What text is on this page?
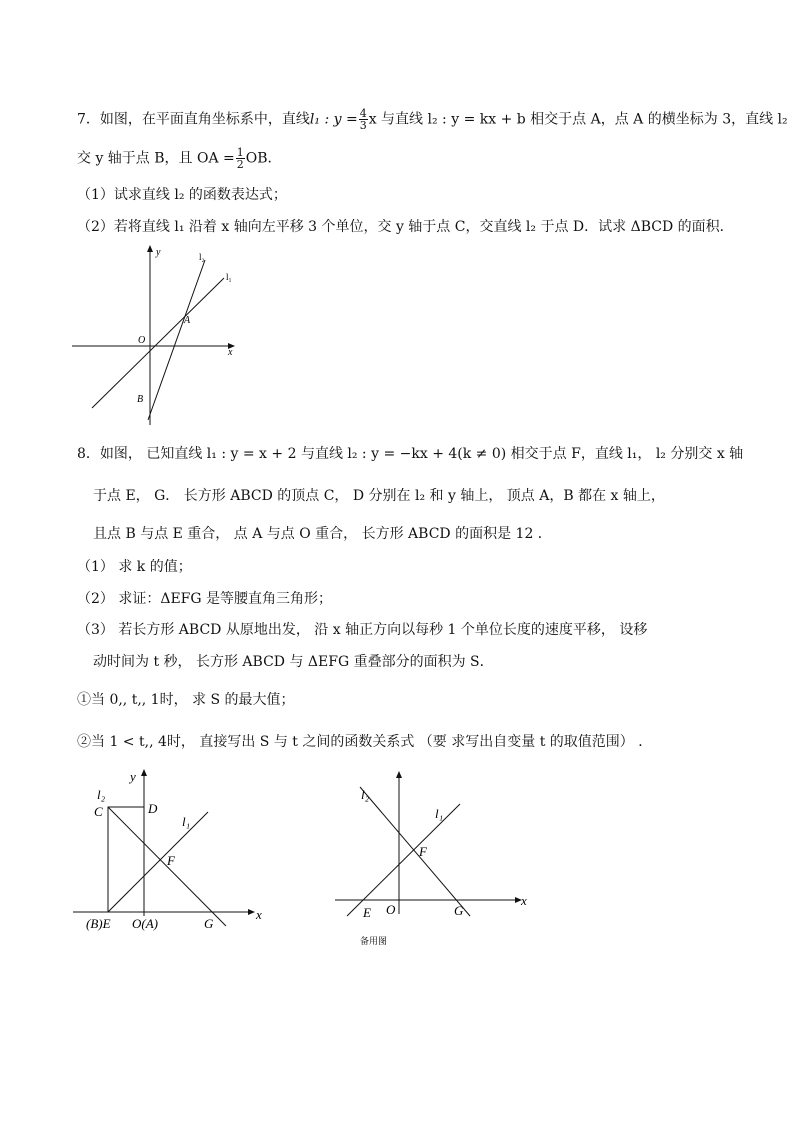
7．如图，在平面直角坐标系中，直线l₁ : $y = \frac{4}{3}$ x 与直线 l₂ : y = kx + b 相交于点 A，点 A 的横坐标为 3，直线 l₂
交 y 轴于点 B，且 OA = $\frac{1}{2}$ OB．
（1）试求直线 l₂ 的函数表达式；
（2）若将直线 l₁ 沿着 x 轴向左平移 3 个单位，交 y 轴于点 C，交直线 l₂ 于点 D．试求 ΔBCD 的面积．
y	l₂
l₁
A
O
x
B
8．如图， 已知直线 l₁ : y = x + 2 与直线 l₂ : y = −kx + 4(k ≠ 0) 相交于点 F，直线 l₁， l₂ 分别交 x 轴
于点 E， G． 长方形 ABCD 的顶点 C， D 分别在 l₂ 和 y 轴上， 顶点 A，B 都在 x 轴上，
且点 B 与点 E 重合， 点 A 与点 O 重合， 长方形 ABCD 的面积是 12 ．
（1） 求 k 的值；
（2） 求证：ΔEFG 是等腰直角三角形；
（3） 若长方形 ABCD 从原地出发， 沿 x 轴正方向以每秒 1 个单位长度的速度平移， 设移
动时间为 t 秒， 长方形 ABCD 与 ΔEFG 重叠部分的面积为 S．
①当 0,, t,, 1时， 求 S 的最大值；
②当 1 < t,, 4时， 直接写出 S 与 t 之间的函数关系式 （要 求写出自变量 t 的取值范围） ．
y
l₂
C	D
l₁
F
(B)E O(A)	G
x
l₂
l₁
F
E O	G
x
备用图
